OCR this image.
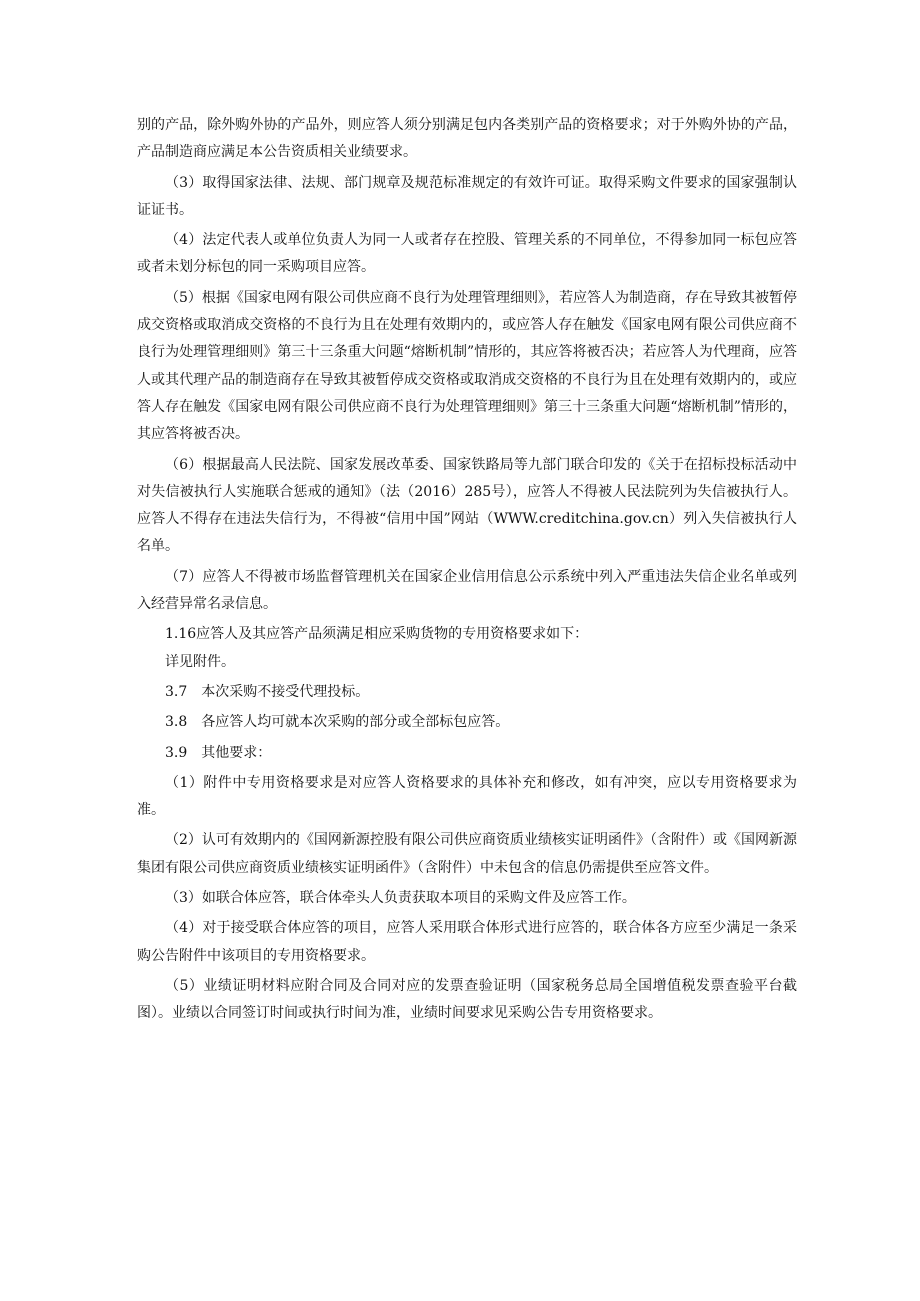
别的产品，除外购外协的产品外，则应答人须分别满足包内各类别产品的资格要求；对于外购外协的产品，产品制造商应满足本公告资质相关业绩要求。

（3）取得国家法律、法规、部门规章及规范标准规定的有效许可证。取得采购文件要求的国家强制认证证书。

（4）法定代表人或单位负责人为同一人或者存在控股、管理关系的不同单位，不得参加同一标包应答或者未划分标包的同一采购项目应答。

（5）根据《国家电网有限公司供应商不良行为处理管理细则》，若应答人为制造商，存在导致其被暂停成交资格或取消成交资格的不良行为且在处理有效期内的，或应答人存在触发《国家电网有限公司供应商不良行为处理管理细则》第三十三条重大问题“熔断机制”情形的，其应答将被否决；若应答人为代理商，应答人或其代理产品的制造商存在导致其被暂停成交资格或取消成交资格的不良行为且在处理有效期内的，或应答人存在触发《国家电网有限公司供应商不良行为处理管理细则》第三十三条重大问题“熔断机制”情形的，其应答将被否决。

（6）根据最高人民法院、国家发展改革委、国家铁路局等九部门联合印发的《关于在招标投标活动中对失信被执行人实施联合惩戒的通知》（法（2016）285号），应答人不得被人民法院列为失信被执行人。应答人不得存在违法失信行为，不得被“信用中国”网站（WWW.creditchina.gov.cn）列入失信被执行人名单。

（7）应答人不得被市场监督管理机关在国家企业信用信息公示系统中列入严重违法失信企业名单或列入经营异常名录信息。

1.16应答人及其应答产品须满足相应采购货物的专用资格要求如下：

详见附件。

3.7　本次采购不接受代理投标。

3.8　各应答人均可就本次采购的部分或全部标包应答。

3.9　其他要求：

（1）附件中专用资格要求是对应答人资格要求的具体补充和修改，如有冲突，应以专用资格要求为准。

（2）认可有效期内的《国网新源控股有限公司供应商资质业绩核实证明函件》（含附件）或《国网新源集团有限公司供应商资质业绩核实证明函件》（含附件）中未包含的信息仍需提供至应答文件。

（3）如联合体应答，联合体牵头人负责获取本项目的采购文件及应答工作。

（4）对于接受联合体应答的项目，应答人采用联合体形式进行应答的，联合体各方应至少满足一条采购公告附件中该项目的专用资格要求。

（5）业绩证明材料应附合同及合同对应的发票查验证明（国家税务总局全国增值税发票查验平台截图）。业绩以合同签订时间或执行时间为准，业绩时间要求见采购公告专用资格要求。
